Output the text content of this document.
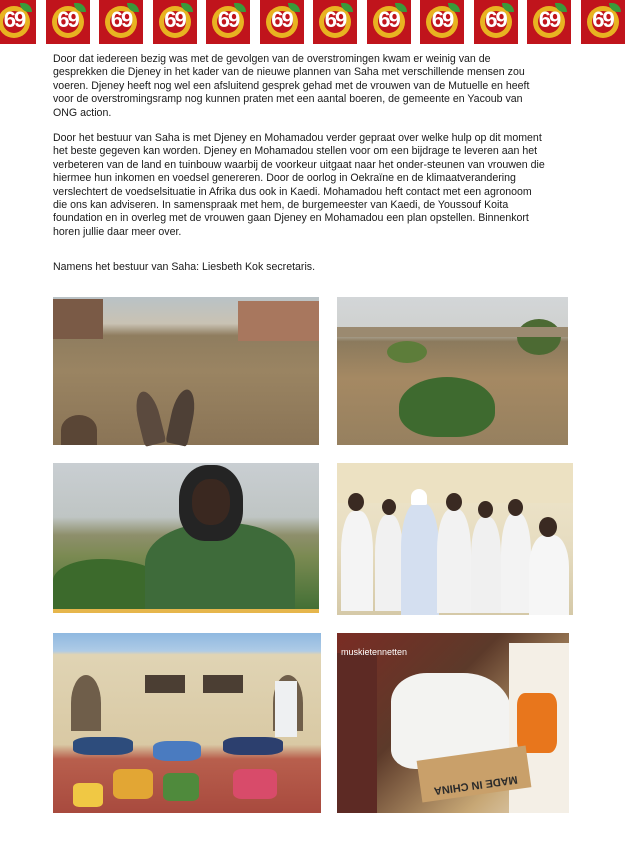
69	69	69	69	69	69	69	69	69	69	69	69

Door dat iedereen bezig was met de gevolgen van de overstromingen kwam er weinig van de gesprekken die Djeney in het kader van de nieuwe plannen van Saha met verschillende mensen zou voeren. Djeney heeft nog wel een afsluitend gesprek gehad met de vrouwen van de Mutuelle en heeft voor de overstromingsramp nog kunnen praten met een aantal boeren, de gemeente en Yacoub van ONG action.

Door het bestuur van Saha is met Djeney en Mohamadou verder gepraat over welke hulp op dit moment het beste gegeven kan worden. Djeney en Mohamadou stellen voor om een bijdrage te leveren aan het verbeteren van de land en tuinbouw waarbij de voorkeur uitgaat naar het onder-steunen van vrouwen die hiermee hun inkomen en voedsel genereren. Door de oorlog in Oekraïne en de klimaatverandering verslechtert de voedselsituatie in Afrika dus ook in Kaedi. Mohamadou heft contact met een agronoom die ons kan adviseren. In samenspraak met hem, de burgemeester van Kaedi, de Youssouf Koita foundation en in overleg met de vrouwen gaan Djeney en Mohamadou een plan opstellen. Binnenkort horen jullie daar meer over.

Namens het bestuur van Saha: Liesbeth Kok secretaris.

MADE IN CHINA
muskietennetten
